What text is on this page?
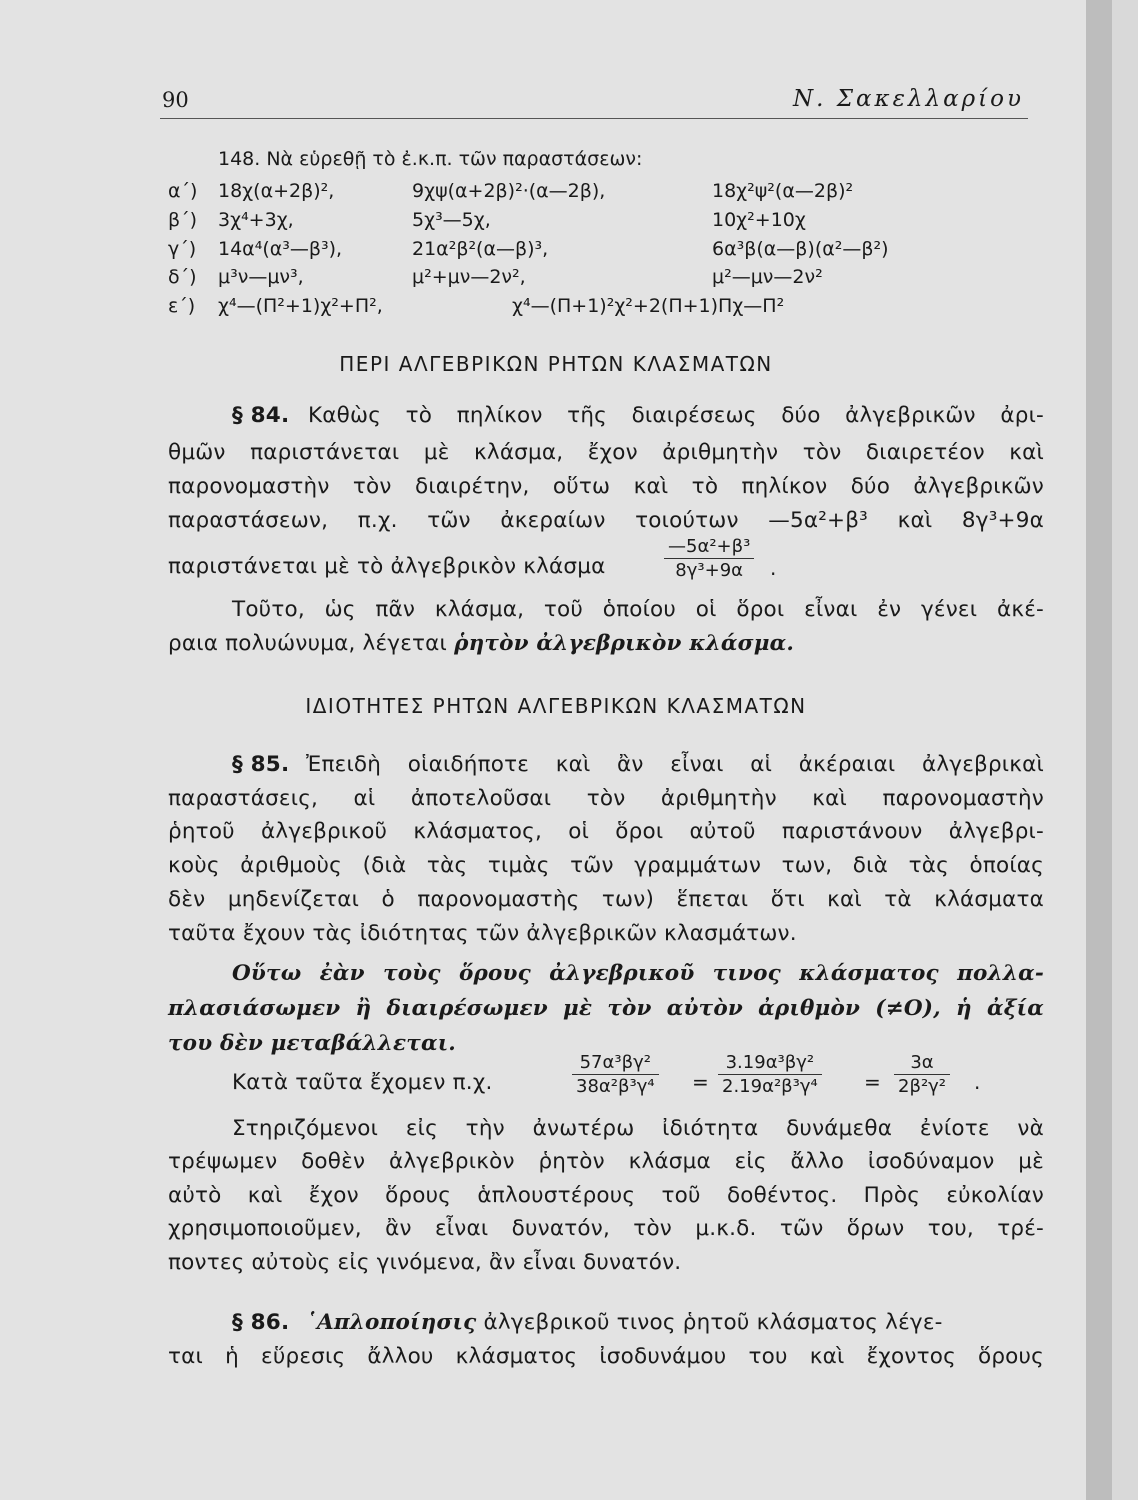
90	Ν. Σακελλαρίου
148. Νὰ εὑρεθῇ τὸ ἐ.κ.π. τῶν παραστάσεων:
α΄) 18χ(α+2β)²,	9χψ(α+2β)²·(α—2β),	18χ²ψ²(α—2β)²
β΄) 3χ⁴+3χ,	5χ³—5χ,	10χ²+10χ
γ΄) 14α⁴(α³—β³),	21α²β²(α—β)³,	6α³β(α—β)(α²—β²)
δ΄) μ³ν—μν³,	μ²+μν—2ν²,	μ²—μν—2ν²
ε΄) χ⁴—(Π²+1)χ²+Π²,	χ⁴—(Π+1)²χ²+2(Π+1)Πχ—Π²
ΠΕΡΙ ΑΛΓΕΒΡΙΚΩΝ ΡΗΤΩΝ ΚΛΑΣΜΑΤΩΝ
§ 84. Καθὼς τὸ πηλίκον τῆς διαιρέσεως δύο ἀλγεβρικῶν ἀρι-
θμῶν παριστάνεται μὲ κλάσμα, ἔχον ἀριθμητὴν τὸν διαιρετέον καὶ
παρονομαστὴν τὸν διαιρέτην, οὕτω καὶ τὸ πηλίκον δύο ἀλγεβρικῶν
παραστάσεων, π.χ. τῶν ἀκεραίων τοιούτων —5α²+β³ καὶ 8γ³+9α
παριστάνεται μὲ τὸ ἀλγεβρικὸν κλάσμα	$\frac{\text{—5α²+β³}}{\text{8γ³+9α}}$ .
Τοῦτο, ὡς πᾶν κλάσμα, τοῦ ὁποίου οἱ ὅροι εἶναι ἐν γένει ἀκέ-
ραια πολυώνυμα, λέγεται ῥητὸν ἀλγεβρικὸν κλάσμα.
ΙΔΙΟΤΗΤΕΣ ΡΗΤΩΝ ΑΛΓΕΒΡΙΚΩΝ ΚΛΑΣΜΑΤΩΝ
§ 85. Ἐπειδὴ οἱαιδήποτε καὶ ἂν εἶναι αἱ ἀκέραιαι ἀλγεβρικαὶ
παραστάσεις, αἱ ἀποτελοῦσαι τὸν ἀριθμητὴν καὶ παρονομαστὴν
ῥητοῦ ἀλγεβρικοῦ κλάσματος, οἱ ὅροι αὐτοῦ παριστάνουν ἀλγεβρι-
κοὺς ἀριθμοὺς (διὰ τὰς τιμὰς τῶν γραμμάτων των, διὰ τὰς ὁποίας
δὲν μηδενίζεται ὁ παρονομαστὴς των) ἕπεται ὅτι καὶ τὰ κλάσματα
ταῦτα ἔχουν τὰς ἰδιότητας τῶν ἀλγεβρικῶν κλασμάτων.
Οὕτω ἐὰν τοὺς ὅρους ἀλγεβρικοῦ τινος κλάσματος πολλα-
πλασιάσωμεν ἢ διαιρέσωμεν μὲ τὸν αὐτὸν ἀριθμὸν (≠O), ἡ ἀξία
του δὲν μεταβάλλεται.
Κατὰ ταῦτα ἔχομεν π.χ.	$\frac{\text{57α³βγ²}}{\text{38α²β³γ⁴}} = \frac{\text{3.19α³βγ²}}{\text{2.19α²β³γ⁴}} = \frac{3\alpha}{\text{2β²γ²}}$ .
Στηριζόμενοι εἰς τὴν ἀνωτέρω ἰδιότητα δυνάμεθα ἐνίοτε νὰ
τρέψωμεν δοθὲν ἀλγεβρικὸν ῥητὸν κλάσμα εἰς ἄλλο ἰσοδύναμον μὲ
αὐτὸ καὶ ἔχον ὅρους ἁπλουστέρους τοῦ δοθέντος. Πρὸς εὐκολίαν
χρησιμοποιοῦμεν, ἂν εἶναι δυνατόν, τὸν μ.κ.δ. τῶν ὅρων του, τρέ-
ποντες αὐτοὺς εἰς γινόμενα, ἂν εἶναι δυνατόν.
§ 86. ῾Απλοποίησις ἀλγεβρικοῦ τινος ῥητοῦ κλάσματος λέγε-
ται ἡ εὕρεσις ἄλλου κλάσματος ἰσοδυνάμου του καὶ ἔχοντος ὅρους
